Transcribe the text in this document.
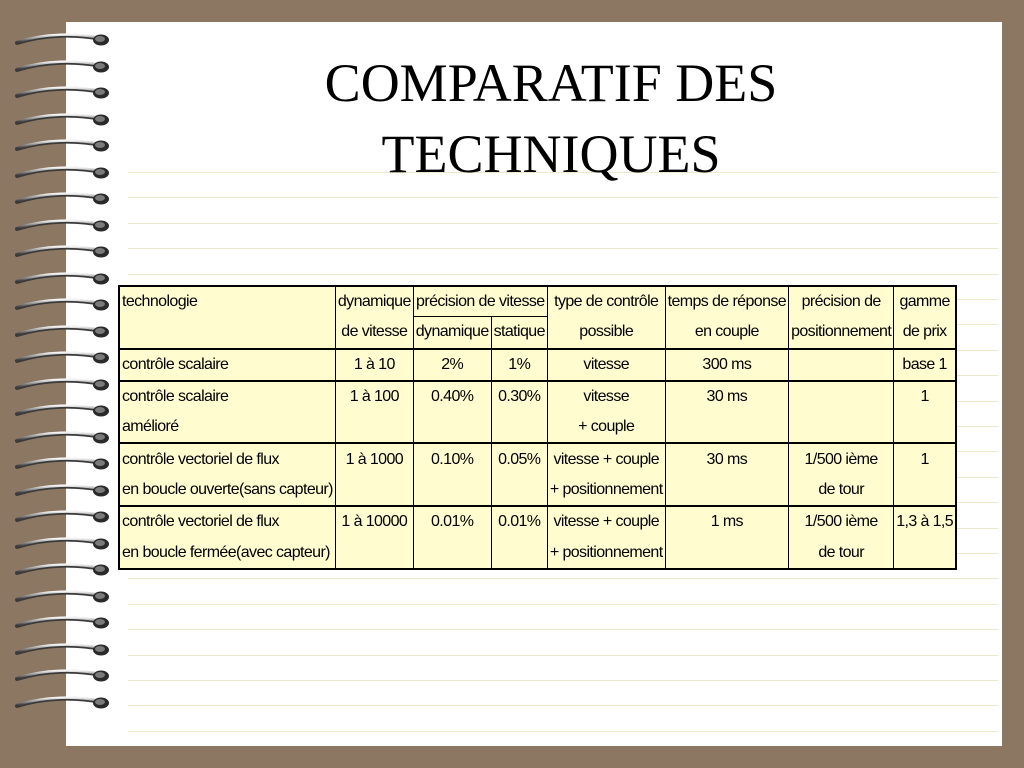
COMPARATIF DES
TECHNIQUES
technologie	dynamique	précision de vitesse		type de contrôle	temps de réponse	précision de	gamme
	de vitesse	dynamique	statique	possible	en couple	positionnement	de prix
contrôle scalaire	1 à 10	2%	1%	vitesse	300 ms		base 1
contrôle scalaire	1 à 100	0.40%	0.30%	vitesse	30 ms		1
amélioré				+ couple			
contrôle vectoriel de flux	1 à 1000	0.10%	0.05%	vitesse + couple	30 ms	1/500 ième	1
en boucle ouverte(sans capteur)				+ positionnement		de tour	
contrôle vectoriel de flux	1 à 10000	0.01%	0.01%	vitesse + couple	1 ms	1/500 ième	1,3 à 1,5
en boucle fermée(avec capteur)				+ positionnement		de tour	
